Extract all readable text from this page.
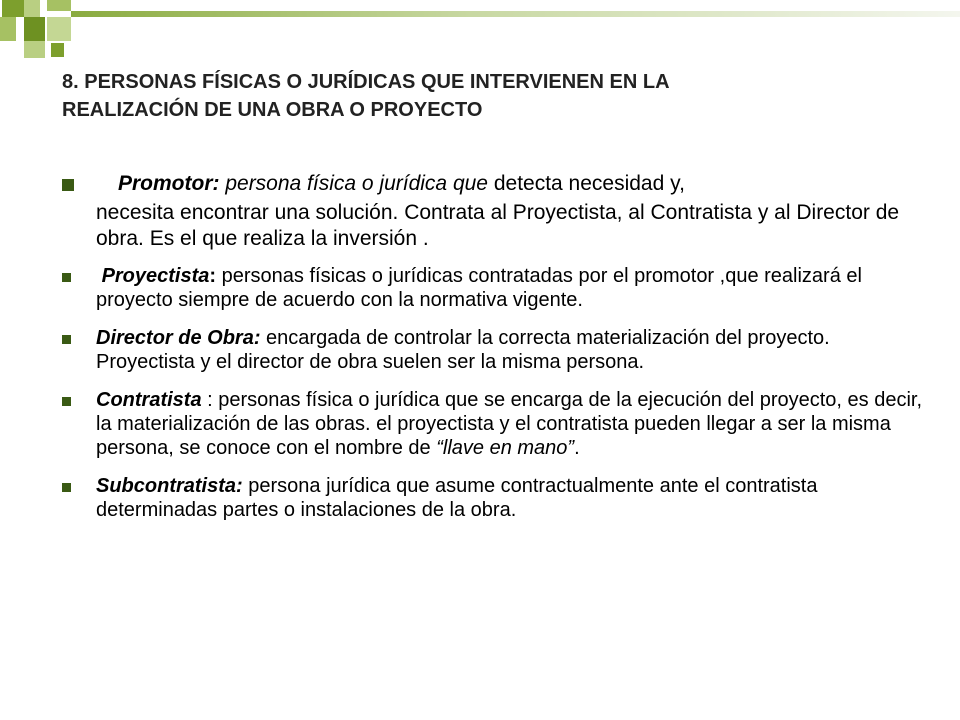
8. PERSONAS FÍSICAS O JURÍDICAS QUE INTERVIENEN EN LA
REALIZACIÓN DE UNA OBRA O PROYECTO
Promotor: persona física o jurídica que detecta necesidad y,
necesita encontrar una solución. Contrata al Proyectista, al Contratista y al Director de obra. Es el que realiza la inversión .
Proyectista: personas físicas o jurídicas contratadas por el promotor ,que realizará el proyecto siempre de acuerdo con la normativa vigente.
Director de Obra: encargada de controlar la correcta materialización del proyecto. Proyectista y el director de obra suelen ser la misma persona.
Contratista : personas física o jurídica que se encarga de la ejecución del proyecto, es decir, la materialización de las obras. el proyectista y el contratista pueden llegar a ser la misma persona, se conoce con el nombre de “llave en mano”.
Subcontratista: persona jurídica que asume contractualmente ante el contratista determinadas partes o instalaciones de la obra.
